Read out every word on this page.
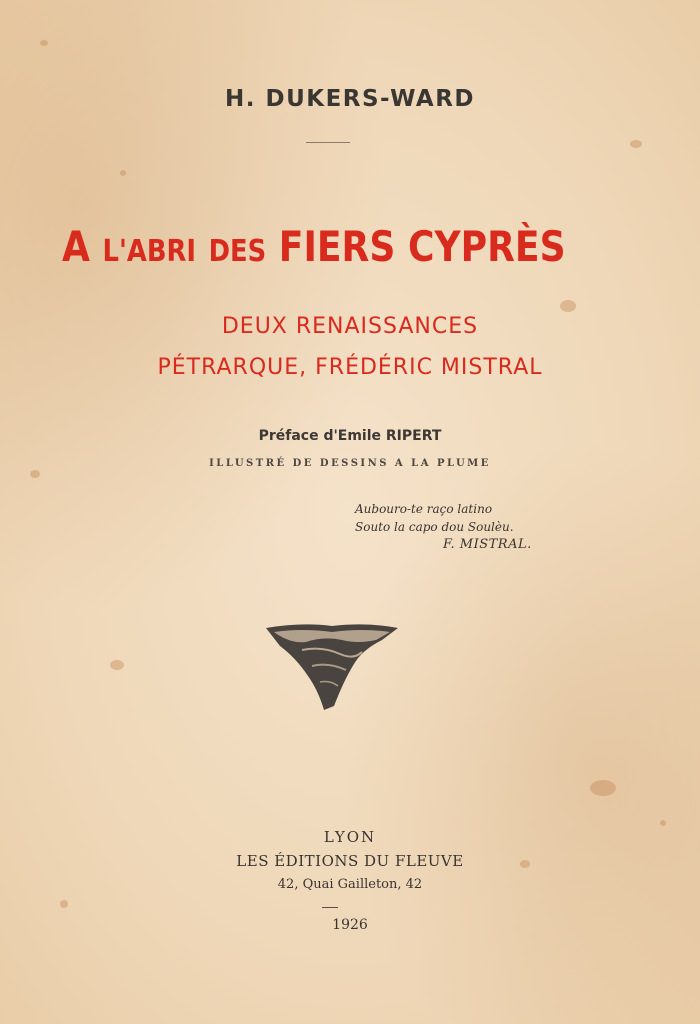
H. DUKERS-WARD
A L'ABRI DES FIERS CYPRÈS
DEUX RENAISSANCES
PÉTRARQUE, FRÉDÉRIC MISTRAL
Préface d'Emile RIPERT
ILLUSTRÉ DE DESSINS A LA PLUME
Aubouro-te raço latino
Souto la capo dou Soulèu.
F. MISTRAL.
LYON
LES ÉDITIONS DU FLEUVE
42, Quai Gailleton, 42
1926
